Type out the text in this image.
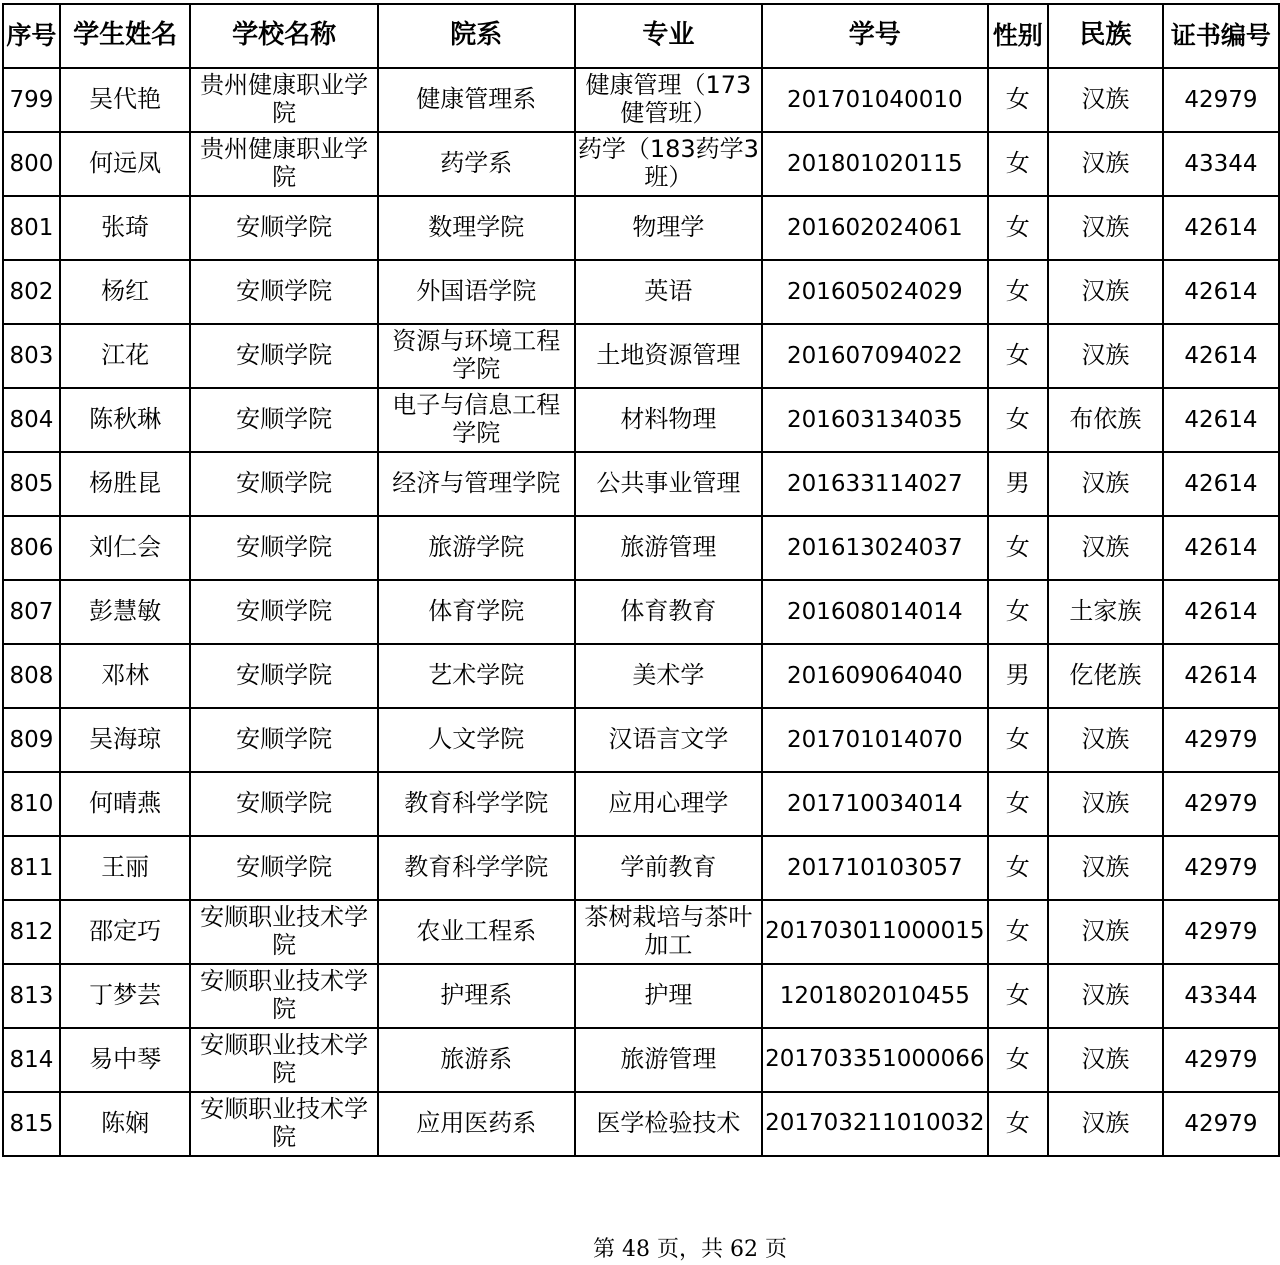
序号	学生姓名	学校名称	院系	专业	学号	性别	民族	证书编号
799	吴代艳	贵州健康职业学院	健康管理系	健康管理（173健管班）	201701040010	女	汉族	42979
800	何远凤	贵州健康职业学院	药学系	药学（183药学3班）	201801020115	女	汉族	43344
801	张琦	安顺学院	数理学院	物理学	201602024061	女	汉族	42614
802	杨红	安顺学院	外国语学院	英语	201605024029	女	汉族	42614
803	江花	安顺学院	资源与环境工程学院	土地资源管理	201607094022	女	汉族	42614
804	陈秋琳	安顺学院	电子与信息工程学院	材料物理	201603134035	女	布依族	42614
805	杨胜昆	安顺学院	经济与管理学院	公共事业管理	201633114027	男	汉族	42614
806	刘仁会	安顺学院	旅游学院	旅游管理	201613024037	女	汉族	42614
807	彭慧敏	安顺学院	体育学院	体育教育	201608014014	女	土家族	42614
808	邓林	安顺学院	艺术学院	美术学	201609064040	男	仡佬族	42614
809	吴海琼	安顺学院	人文学院	汉语言文学	201701014070	女	汉族	42979
810	何晴燕	安顺学院	教育科学学院	应用心理学	201710034014	女	汉族	42979
811	王丽	安顺学院	教育科学学院	学前教育	201710103057	女	汉族	42979
812	邵定巧	安顺职业技术学院	农业工程系	茶树栽培与茶叶加工	201703011000015	女	汉族	42979
813	丁梦芸	安顺职业技术学院	护理系	护理	1201802010455	女	汉族	43344
814	易中琴	安顺职业技术学院	旅游系	旅游管理	201703351000066	女	汉族	42979
815	陈娴	安顺职业技术学院	应用医药系	医学检验技术	201703211010032	女	汉族	42979
第 48 页，共 62 页
